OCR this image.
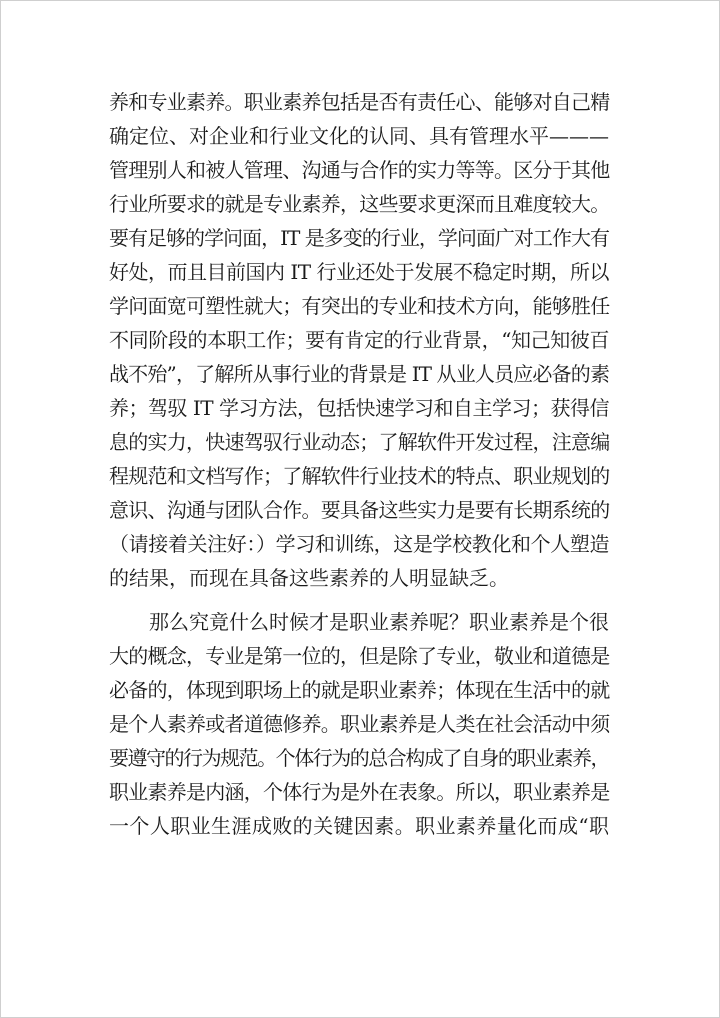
养和专业素养。职业素养包括是否有责任心、能够对自己精
确定位、对企业和行业文化的认同、具有管理水平———
管理别人和被人管理、沟通与合作的实力等等。区分于其他
行业所要求的就是专业素养，这些要求更深而且难度较大。
要有足够的学问面，IT 是多变的行业，学问面广对工作大有
好处，而且目前国内 IT 行业还处于发展不稳定时期，所以
学问面宽可塑性就大；有突出的专业和技术方向，能够胜任
不同阶段的本职工作；要有肯定的行业背景，“知己知彼百
战不殆”，了解所从事行业的背景是 IT 从业人员应必备的素
养；驾驭 IT 学习方法，包括快速学习和自主学习；获得信
息的实力，快速驾驭行业动态；了解软件开发过程，注意编
程规范和文档写作；了解软件行业技术的特点、职业规划的
意识、沟通与团队合作。要具备这些实力是要有长期系统的
（请接着关注好：）学习和训练，这是学校教化和个人塑造
的结果，而现在具备这些素养的人明显缺乏。
那么究竟什么时候才是职业素养呢？职业素养是个很
大的概念，专业是第一位的，但是除了专业，敬业和道德是
必备的，体现到职场上的就是职业素养；体现在生活中的就
是个人素养或者道德修养。职业素养是人类在社会活动中须
要遵守的行为规范。个体行为的总合构成了自身的职业素养，
职业素养是内涵，个体行为是外在表象。所以，职业素养是
一个人职业生涯成败的关键因素。职业素养量化而成“职
